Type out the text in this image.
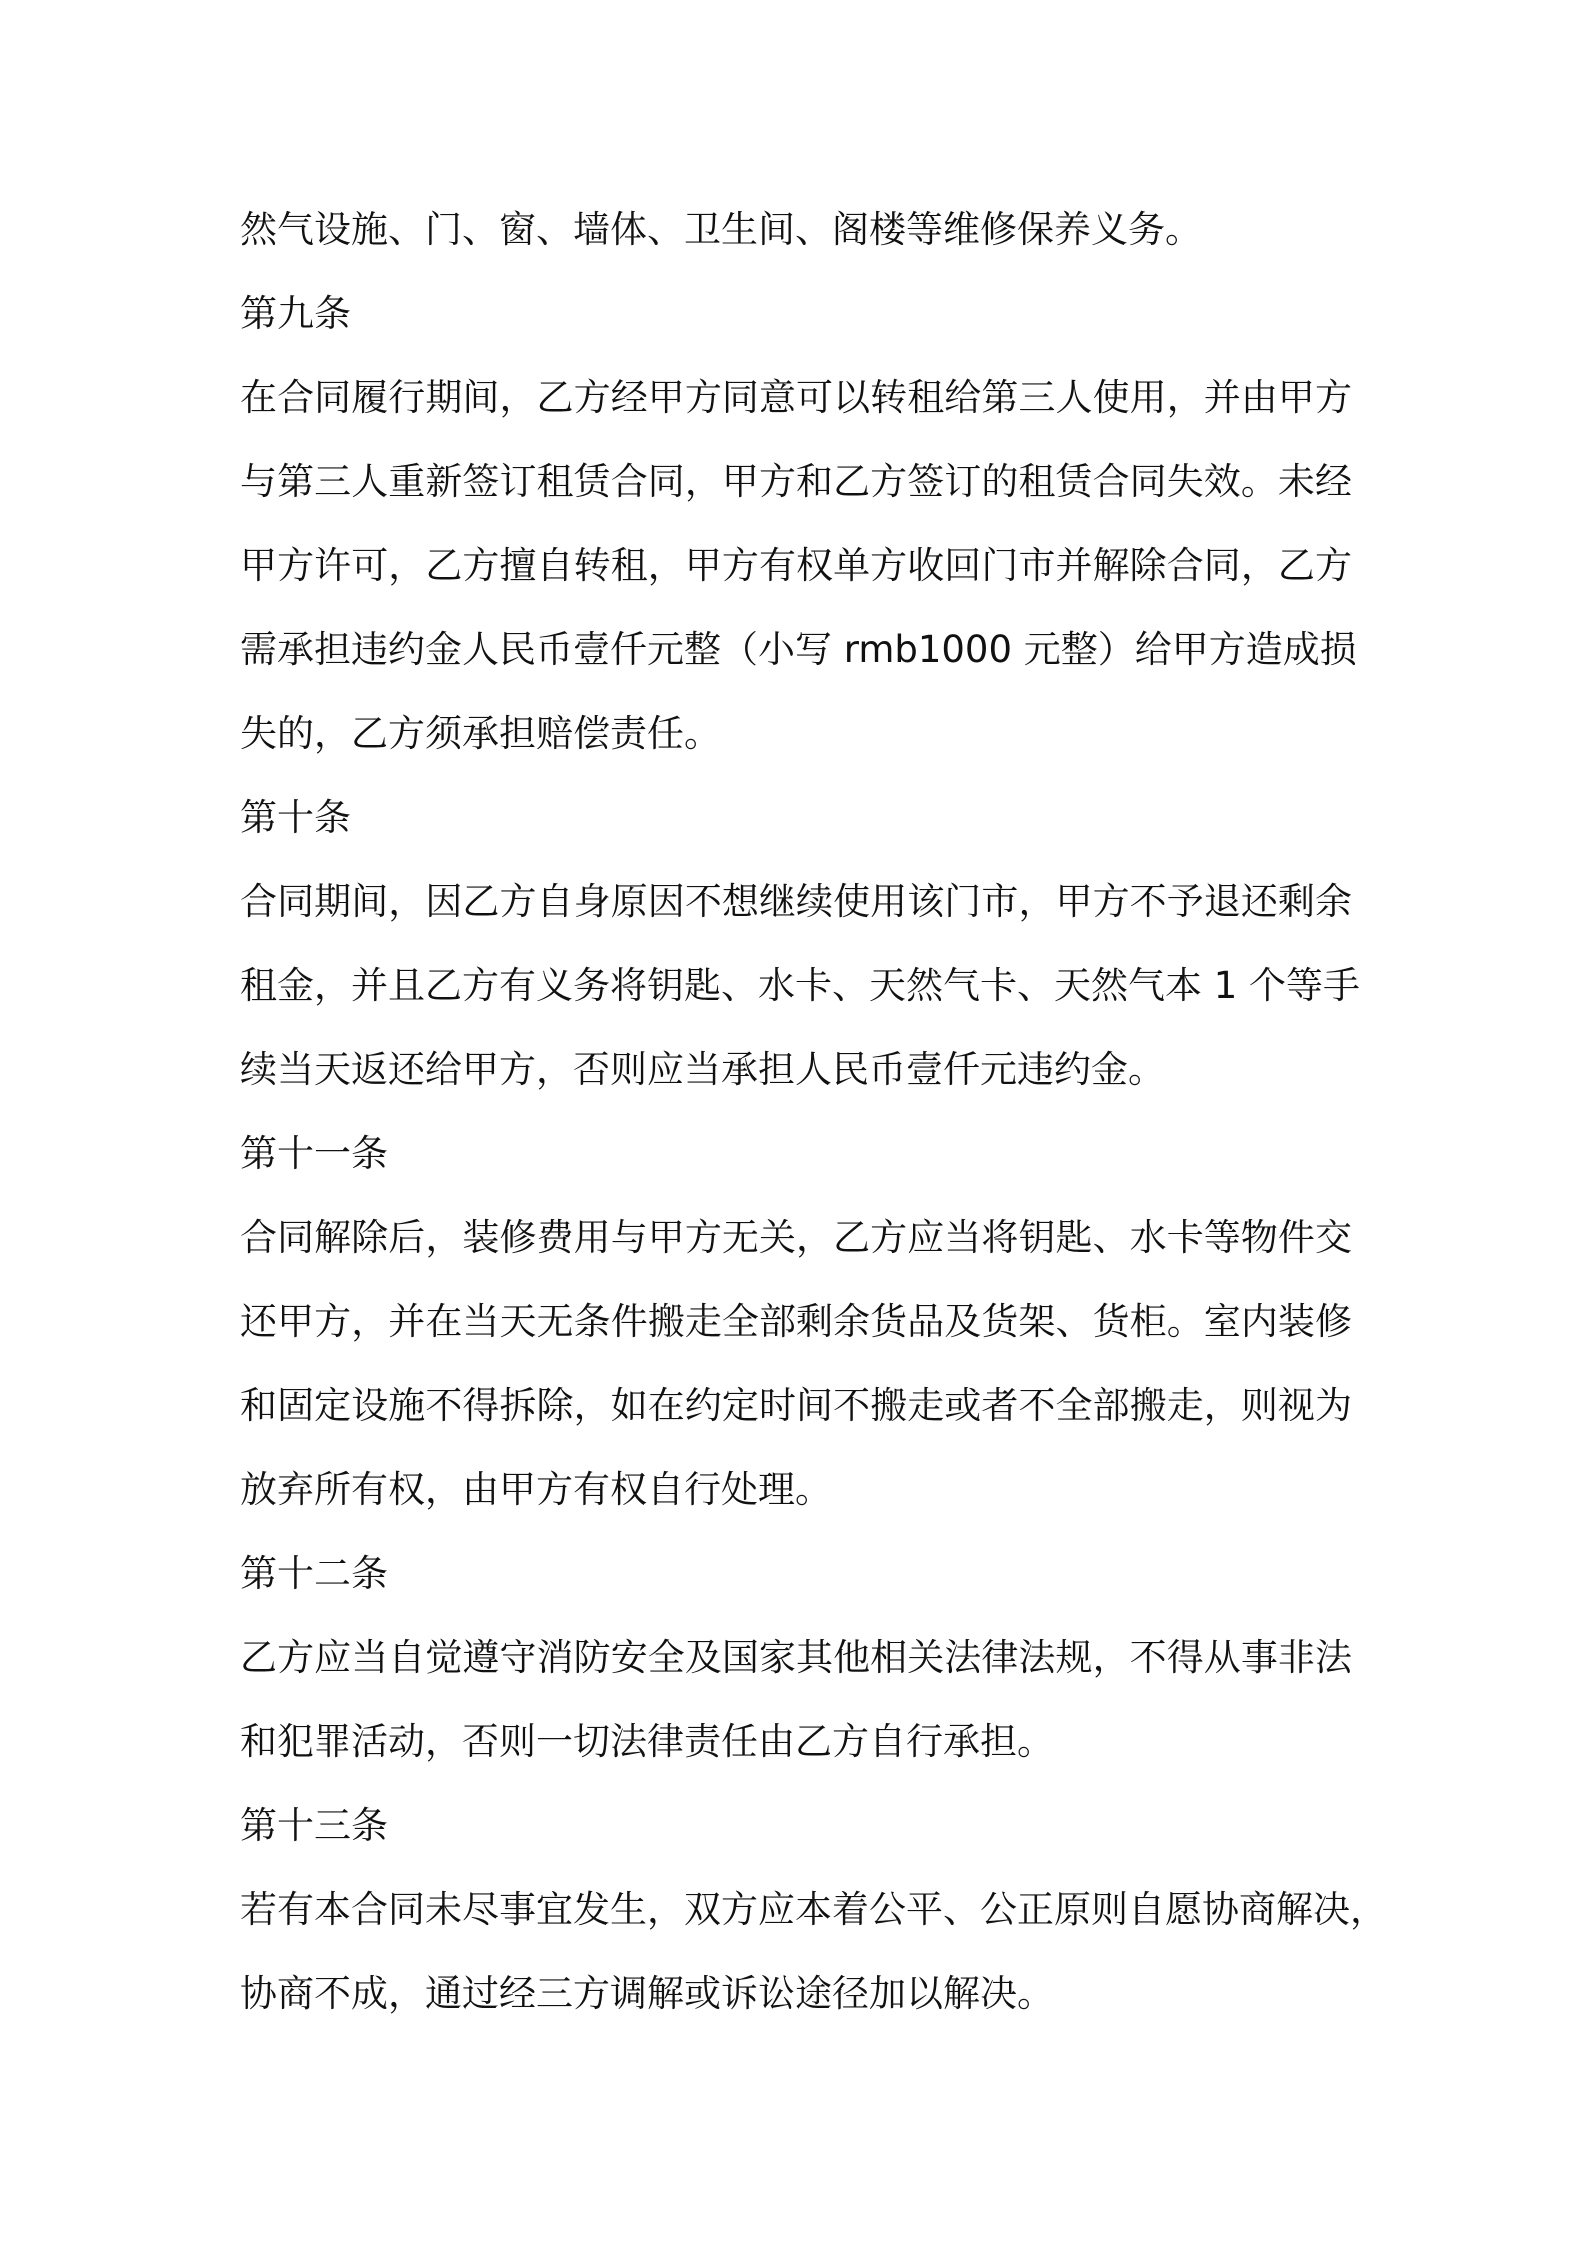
然气设施、门、窗、墙体、卫生间、阁楼等维修保养义务。
第九条
在合同履行期间，乙方经甲方同意可以转租给第三人使用，并由甲方
与第三人重新签订租赁合同，甲方和乙方签订的租赁合同失效。未经
甲方许可，乙方擅自转租，甲方有权单方收回门市并解除合同，乙方
需承担违约金人民币壹仟元整（小写 rmb1000 元整）给甲方造成损
失的，乙方须承担赔偿责任。
第十条
合同期间，因乙方自身原因不想继续使用该门市，甲方不予退还剩余
租金，并且乙方有义务将钥匙、水卡、天然气卡、天然气本 1 个等手
续当天返还给甲方，否则应当承担人民币壹仟元违约金。
第十一条
合同解除后，装修费用与甲方无关，乙方应当将钥匙、水卡等物件交
还甲方，并在当天无条件搬走全部剩余货品及货架、货柜。室内装修
和固定设施不得拆除，如在约定时间不搬走或者不全部搬走，则视为
放弃所有权，由甲方有权自行处理。
第十二条
乙方应当自觉遵守消防安全及国家其他相关法律法规，不得从事非法
和犯罪活动，否则一切法律责任由乙方自行承担。
第十三条
若有本合同未尽事宜发生，双方应本着公平、公正原则自愿协商解决，
协商不成，通过经三方调解或诉讼途径加以解决。
